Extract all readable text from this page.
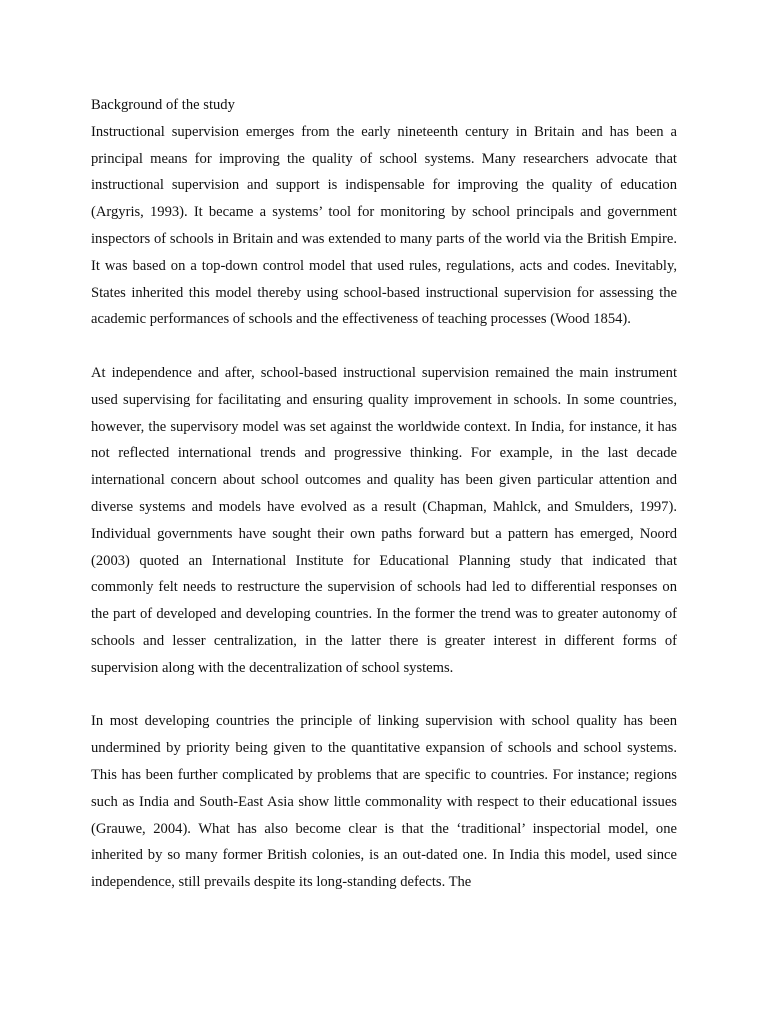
Background of the study

Instructional supervision emerges from the early nineteenth century in Britain and has been a principal means for improving the quality of school systems. Many researchers advocate that instructional supervision and support is indispensable for improving the quality of education (Argyris, 1993). It became a systems’ tool for monitoring by school principals and government inspectors of schools in Britain and was extended to many parts of the world via the British Empire. It was based on a top-down control model that used rules, regulations, acts and codes. Inevitably, States inherited this model thereby using school-based instructional supervision for assessing the academic performances of schools and the effectiveness of teaching processes (Wood 1854).

At independence and after, school-based instructional supervision remained the main instrument used supervising for facilitating and ensuring quality improvement in schools. In some countries, however, the supervisory model was set against the worldwide context. In India, for instance, it has not reflected international trends and progressive thinking. For example, in the last decade international concern about school outcomes and quality has been given particular attention and diverse systems and models have evolved as a result (Chapman, Mahlck, and Smulders, 1997). Individual governments have sought their own paths forward but a pattern has emerged, Noord (2003) quoted an International Institute for Educational Planning study that indicated that commonly felt needs to restructure the supervision of schools had led to differential responses on the part of developed and developing countries. In the former the trend was to greater autonomy of schools and lesser centralization, in the latter there is greater interest in different forms of supervision along with the decentralization of school systems.

In most developing countries the principle of linking supervision with school quality has been undermined by priority being given to the quantitative expansion of schools and school systems. This has been further complicated by problems that are specific to countries. For instance; regions such as India and South-East Asia show little commonality with respect to their educational issues (Grauwe, 2004). What has also become clear is that the ‘traditional’ inspectorial model, one inherited by so many former British colonies, is an out-dated one. In India this model, used since independence, still prevails despite its long-standing defects. The
